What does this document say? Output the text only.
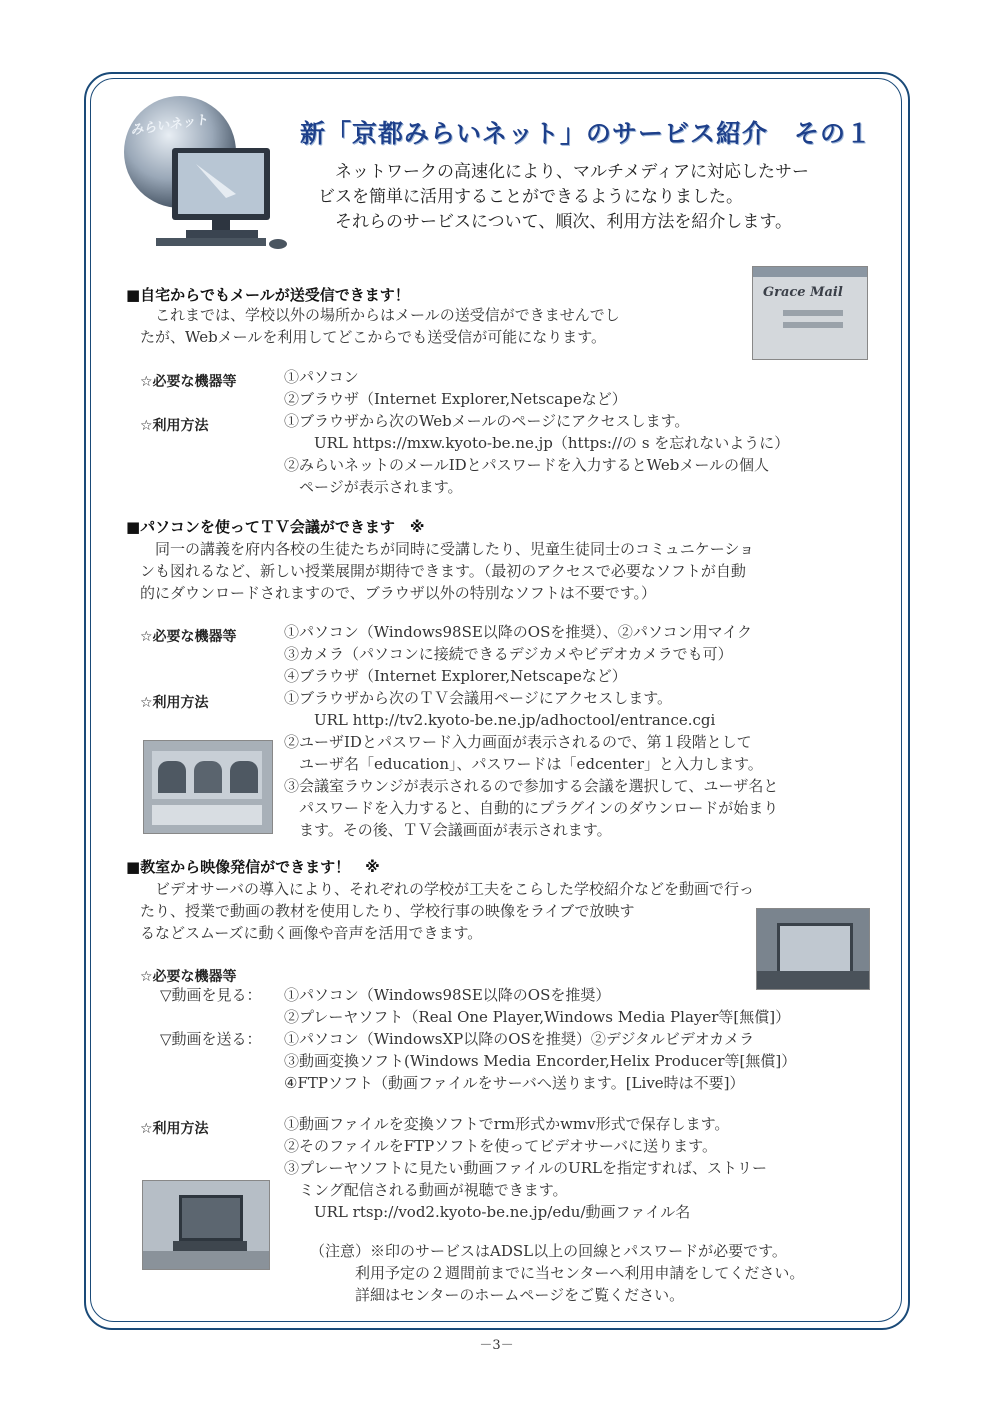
みらいネット	新「京都みらいネット」のサービス紹介　その１
　ネットワークの高速化により、マルチメディアに対応したサー
ビスを簡単に活用することができるようになりました。
　それらのサービスについて、順次、利用方法を紹介します。
■自宅からでもメールが送受信できます！
　これまでは、学校以外の場所からはメールの送受信ができませんでし
たが、Webメールを利用してどこからでも送受信が可能になります。
Grace Mail
☆必要な機器等	①パソコン
②ブラウザ（Internet Explorer,Netscapeなど）
☆利用方法	①ブラウザから次のWebメールのページにアクセスします。
　　URL https://mxw.kyoto-be.ne.jp（https://の s を忘れないように）
②みらいネットのメールIDとパスワードを入力するとWebメールの個人
　ページが表示されます。
■パソコンを使ってＴＶ会議ができます　※
　同一の講義を府内各校の生徒たちが同時に受講したり、児童生徒同士のコミュニケーショ
ンも図れるなど、新しい授業展開が期待できます。（最初のアクセスで必要なソフトが自動
的にダウンロードされますので、ブラウザ以外の特別なソフトは不要です。）
☆必要な機器等	①パソコン（Windows98SE以降のOSを推奨）、②パソコン用マイク
③カメラ（パソコンに接続できるデジカメやビデオカメラでも可）
④ブラウザ（Internet Explorer,Netscapeなど）
☆利用方法	①ブラウザから次のＴＶ会議用ページにアクセスします。
　　URL http://tv2.kyoto-be.ne.jp/adhoctool/entrance.cgi
②ユーザIDとパスワード入力画面が表示されるので、第１段階として
　ユーザ名「education」、パスワードは「edcenter」と入力します。
③会議室ラウンジが表示されるので参加する会議を選択して、ユーザ名と
　パスワードを入力すると、自動的にプラグインのダウンロードが始まり
　ます。その後、ＴＶ会議画面が表示されます。
■教室から映像発信ができます！　※
　ビデオサーバの導入により、それぞれの学校が工夫をこらした学校紹介などを動画で行っ
たり、授業で動画の教材を使用したり、学校行事の映像をライブで放映す
るなどスムーズに動く画像や音声を活用できます。
☆必要な機器等
▽動画を見る： ①パソコン（Windows98SE以降のOSを推奨）
②プレーヤソフト（Real One Player,Windows Media Player等[無償]）
▽動画を送る： ①パソコン（WindowsXP以降のOSを推奨）②デジタルビデオカメラ
③動画変換ソフト(Windows Media Encorder,Helix Producer等[無償]）
④FTPソフト（動画ファイルをサーバへ送ります。[Live時は不要]）
☆利用方法	①動画ファイルを変換ソフトでrm形式かwmv形式で保存します。
②そのファイルをFTPソフトを使ってビデオサーバに送ります。
③プレーヤソフトに見たい動画ファイルのURLを指定すれば、ストリー
　ミング配信される動画が視聴できます。
　　URL rtsp://vod2.kyoto-be.ne.jp/edu/動画ファイル名
（注意）※印のサービスはADSL以上の回線とパスワードが必要です。
　　　利用予定の２週間前までに当センターへ利用申請をしてください。
　　　詳細はセンターのホームページをご覧ください。
－3－
